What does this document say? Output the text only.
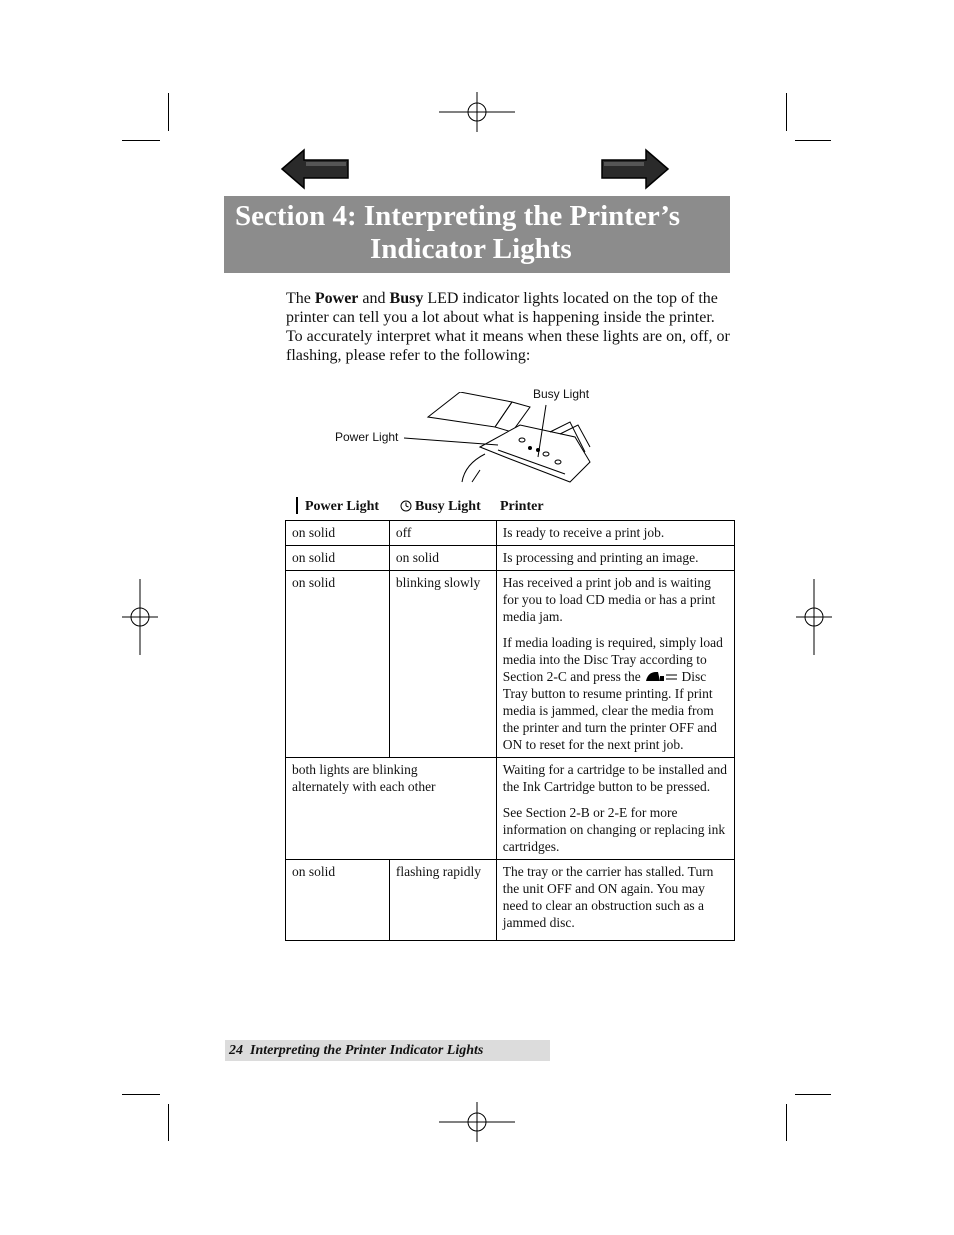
Section 4: Interpreting the Printer’s
Indicator Lights

The Power and Busy LED indicator lights located on the top of the printer can tell you a lot about what is happening inside the printer. To accurately interpret what it means when these lights are on, off, or flashing, please refer to the following:

Busy Light
Power Light
Power Light	Busy Light Printer
on solid	off	Is ready to receive a print job.

on solid	on solid	Is processing and printing an image.

on solid	blinking slowly	Has received a print job and is waiting for you to load CD media or has a print media jam.

If media loading is required, simply load media into the Disc Tray according to Section 2-C and press the Disc Tray button to resume printing. If print media is jammed, clear the media from the printer and turn the printer OFF and ON to reset for the next print job.

both lights are blinking alternately with each other		Waiting for a cartridge to be installed and the Ink Cartridge button to be pressed.

See Section 2-B or 2-E for more information on changing or replacing ink cartridges.

on solid	flashing rapidly	The tray or the carrier has stalled. Turn the unit OFF and ON again. You may need to clear an obstruction such as a jammed disc.
24 Interpreting the Printer Indicator Lights
